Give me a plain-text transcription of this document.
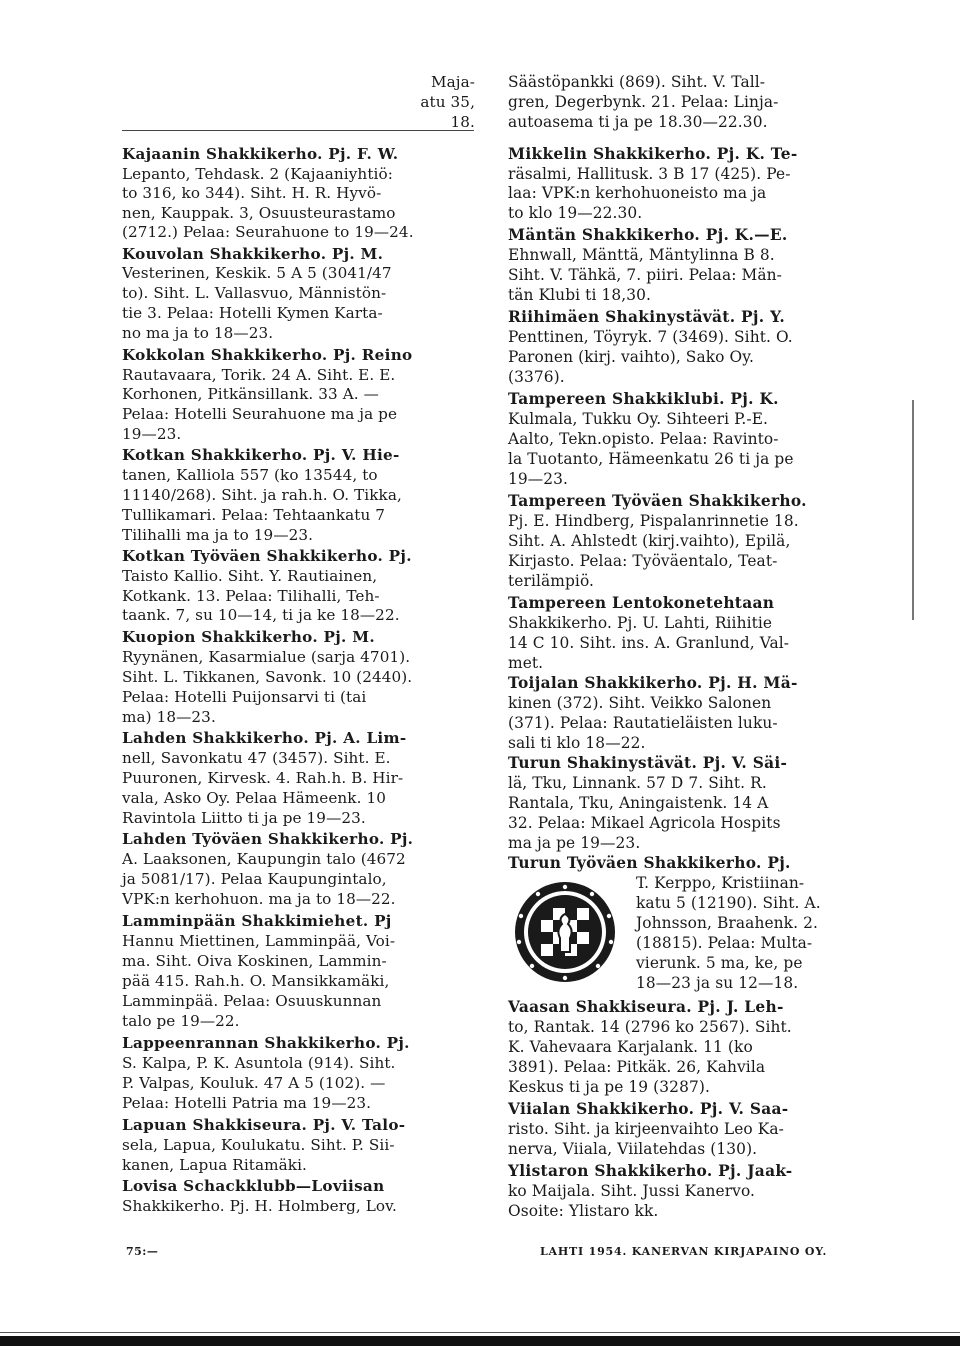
Maja-
atu 35,
18.
Kajaanin Shakkikerho. Pj. F. W.
Lepanto, Tehdask. 2 (Kajaaniyhtiö:
to 316, ko 344). Siht. H. R. Hyvö-
nen, Kauppak. 3, Osuusteurastamo
(2712.) Pelaa: Seurahuone to 19—24.
Kouvolan Shakkikerho. Pj. M.
Vesterinen, Keskik. 5 A 5 (3041/47
to). Siht. L. Vallasvuo, Männistön-
tie 3. Pelaa: Hotelli Kymen Karta-
no ma ja to 18—23.
Kokkolan Shakkikerho. Pj. Reino
Rautavaara, Torik. 24 A. Siht. E. E.
Korhonen, Pitkänsillank. 33 A. —
Pelaa: Hotelli Seurahuone ma ja pe
19—23.
Kotkan Shakkikerho. Pj. V. Hie-
tanen, Kalliola 557 (ko 13544, to
11140/268). Siht. ja rah.h. O. Tikka,
Tullikamari. Pelaa: Tehtaankatu 7
Tilihalli ma ja to 19—23.
Kotkan Työväen Shakkikerho. Pj.
Taisto Kallio. Siht. Y. Rautiainen,
Kotkank. 13. Pelaa: Tilihalli, Teh-
taank. 7, su 10—14, ti ja ke 18—22.
Kuopion Shakkikerho. Pj. M.
Ryynänen, Kasarmialue (sarja 4701).
Siht. L. Tikkanen, Savonk. 10 (2440).
Pelaa: Hotelli Puijonsarvi ti (tai
ma) 18—23.
Lahden Shakkikerho. Pj. A. Lim-
nell, Savonkatu 47 (3457). Siht. E.
Puuronen, Kirvesk. 4. Rah.h. B. Hir-
vala, Asko Oy. Pelaa Hämeenk. 10
Ravintola Liitto ti ja pe 19—23.
Lahden Työväen Shakkikerho. Pj.
A. Laaksonen, Kaupungin talo (4672
ja 5081/17). Pelaa Kaupungintalo,
VPK:n kerhohuon. ma ja to 18—22.
Lamminpään Shakkimiehet. Pj
Hannu Miettinen, Lamminpää, Voi-
ma. Siht. Oiva Koskinen, Lammin-
pää 415. Rah.h. O. Mansikkamäki,
Lamminpää. Pelaa: Osuuskunnan
talo pe 19—22.
Lappeenrannan Shakkikerho. Pj.
S. Kalpa, P. K. Asuntola (914). Siht.
P. Valpas, Kouluk. 47 A 5 (102). —
Pelaa: Hotelli Patria ma 19—23.
Lapuan Shakkiseura. Pj. V. Talo-
sela, Lapua, Koulukatu. Siht. P. Sii-
kanen, Lapua Ritamäki.
Lovisa Schackklubb—Loviisan
Shakkikerho. Pj. H. Holmberg, Lov.
Säästöpankki (869). Siht. V. Tall-
gren, Degerbynk. 21. Pelaa: Linja-
autoasema ti ja pe 18.30—22.30.
Mikkelin Shakkikerho. Pj. K. Te-
räsalmi, Hallitusk. 3 B 17 (425). Pe-
laa: VPK:n kerhohuoneisto ma ja
to klo 19—22.30.
Mäntän Shakkikerho. Pj. K.—E.
Ehnwall, Mänttä, Mäntylinna B 8.
Siht. V. Tähkä, 7. piiri. Pelaa: Män-
tän Klubi ti 18,30.
Riihimäen Shakinystävät. Pj. Y.
Penttinen, Töyryk. 7 (3469). Siht. O.
Paronen (kirj. vaihto), Sako Oy.
(3376).
Tampereen Shakkiklubi. Pj. K.
Kulmala, Tukku Oy. Sihteeri P.-E.
Aalto, Tekn.opisto. Pelaa: Ravinto-
la Tuotanto, Hämeenkatu 26 ti ja pe
19—23.
Tampereen Työväen Shakkikerho.
Pj. E. Hindberg, Pispalanrinnetie 18.
Siht. A. Ahlstedt (kirj.vaihto), Epilä,
Kirjasto. Pelaa: Työväentalo, Teat-
terilämpiö.
Tampereen Lentokonetehtaan
Shakkikerho. Pj. U. Lahti, Riihitie
14 C 10. Siht. ins. A. Granlund, Val-
met.
Toijalan Shakkikerho. Pj. H. Mä-
kinen (372). Siht. Veikko Salonen
(371). Pelaa: Rautatieläisten luku-
sali ti klo 18—22.
Turun Shakinystävät. Pj. V. Säi-
lä, Tku, Linnank. 57 D 7. Siht. R.
Rantala, Tku, Aningaistenk. 14 A
32. Pelaa: Mikael Agricola Hospits
ma ja pe 19—23.
Turun Työväen Shakkikerho. Pj.
T. Kerppo, Kristiinan-
katu 5 (12190). Siht. A.
Johnsson, Braahenk. 2.
(18815). Pelaa: Multa-
vierunk. 5 ma, ke, pe
18—23 ja su 12—18.
Vaasan Shakkiseura. Pj. J. Leh-
to, Rantak. 14 (2796 ko 2567). Siht.
K. Vahevaara Karjalank. 11 (ko
3891). Pelaa: Pitkäk. 26, Kahvila
Keskus ti ja pe 19 (3287).
Viialan Shakkikerho. Pj. V. Saa-
risto. Siht. ja kirjeenvaihto Leo Ka-
nerva, Viiala, Viilatehdas (130).
Ylistaron Shakkikerho. Pj. Jaak-
ko Maijala. Siht. Jussi Kanervo.
Osoite: Ylistaro kk.
75:—	LAHTI 1954. KANERVAN KIRJAPAINO OY.
